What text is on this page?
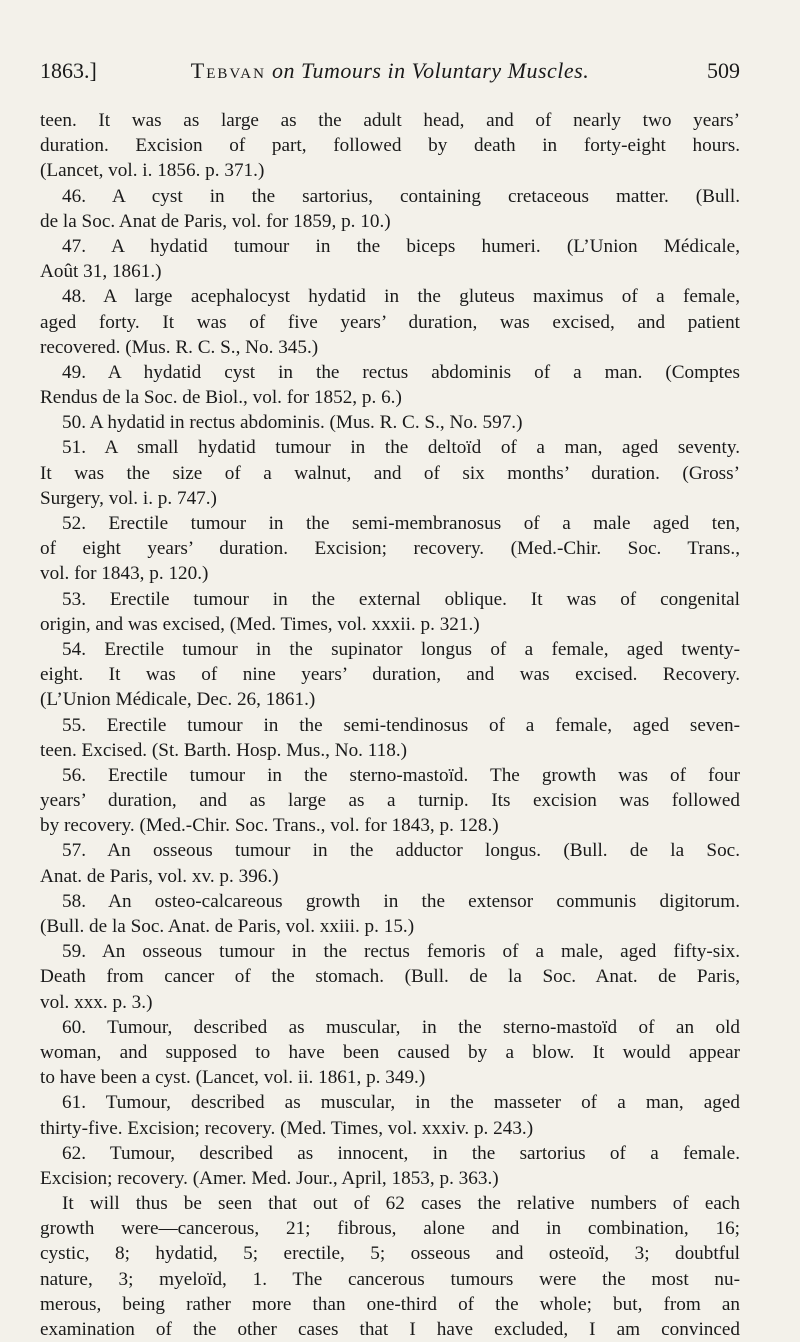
1863.]	Tebvan on Tumours in Voluntary Muscles.	509
teen. It was as large as the adult head, and of nearly two years’
duration. Excision of part, followed by death in forty-eight hours.
(Lancet, vol. i. 1856. p. 371.)
46. A cyst in the sartorius, containing cretaceous matter. (Bull.
de la Soc. Anat de Paris, vol. for 1859, p. 10.)
47. A hydatid tumour in the biceps humeri. (L’Union Médicale,
Août 31, 1861.)
48. A large acephalocyst hydatid in the gluteus maximus of a female,
aged forty. It was of five years’ duration, was excised, and patient
recovered. (Mus. R. C. S., No. 345.)
49. A hydatid cyst in the rectus abdominis of a man. (Comptes
Rendus de la Soc. de Biol., vol. for 1852, p. 6.)
50. A hydatid in rectus abdominis. (Mus. R. C. S., No. 597.)
51. A small hydatid tumour in the deltoïd of a man, aged seventy.
It was the size of a walnut, and of six months’ duration. (Gross’
Surgery, vol. i. p. 747.)
52. Erectile tumour in the semi-membranosus of a male aged ten,
of eight years’ duration. Excision; recovery. (Med.-Chir. Soc. Trans.,
vol. for 1843, p. 120.)
53. Erectile tumour in the external oblique. It was of congenital
origin, and was excised, (Med. Times, vol. xxxii. p. 321.)
54. Erectile tumour in the supinator longus of a female, aged twenty-
eight. It was of nine years’ duration, and was excised. Recovery.
(L’Union Médicale, Dec. 26, 1861.)
55. Erectile tumour in the semi-tendinosus of a female, aged seven-
teen. Excised. (St. Barth. Hosp. Mus., No. 118.)
56. Erectile tumour in the sterno-mastoïd. The growth was of four
years’ duration, and as large as a turnip. Its excision was followed
by recovery. (Med.-Chir. Soc. Trans., vol. for 1843, p. 128.)
57. An osseous tumour in the adductor longus. (Bull. de la Soc.
Anat. de Paris, vol. xv. p. 396.)
58. An osteo-calcareous growth in the extensor communis digitorum.
(Bull. de la Soc. Anat. de Paris, vol. xxiii. p. 15.)
59. An osseous tumour in the rectus femoris of a male, aged fifty-six.
Death from cancer of the stomach. (Bull. de la Soc. Anat. de Paris,
vol. xxx. p. 3.)
60. Tumour, described as muscular, in the sterno-mastoïd of an old
woman, and supposed to have been caused by a blow. It would appear
to have been a cyst. (Lancet, vol. ii. 1861, p. 349.)
61. Tumour, described as muscular, in the masseter of a man, aged
thirty-five. Excision; recovery. (Med. Times, vol. xxxiv. p. 243.)
62. Tumour, described as innocent, in the sartorius of a female.
Excision; recovery. (Amer. Med. Jour., April, 1853, p. 363.)
It will thus be seen that out of 62 cases the relative numbers of each
growth were—cancerous, 21; fibrous, alone and in combination, 16;
cystic, 8; hydatid, 5; erectile, 5; osseous and osteoïd, 3; doubtful
nature, 3; myeloïd, 1. The cancerous tumours were the most nu-
merous, being rather more than one-third of the whole; but, from an
examination of the other cases that I have excluded, I am convinced
